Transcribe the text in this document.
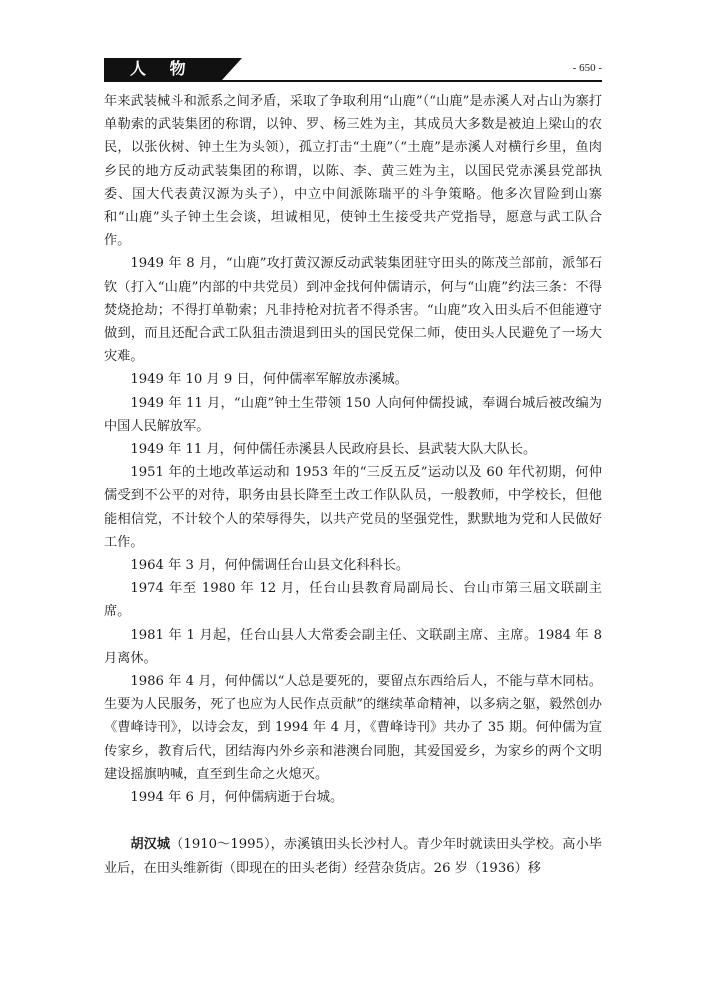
人 物	- 650 -

年来武装械斗和派系之间矛盾，采取了争取利用“山鹿”（“山鹿”是赤溪人对占山为寨打单勒索的武装集团的称谓，以钟、罗、杨三姓为主，其成员大多数是被迫上梁山的农民，以张伙树、钟土生为头领），孤立打击“土鹿”（“土鹿”是赤溪人对横行乡里，鱼肉乡民的地方反动武装集团的称谓，以陈、李、黄三姓为主，以国民党赤溪县党部执委、国大代表黄汉源为头子），中立中间派陈瑞平的斗争策略。他多次冒险到山寨和“山鹿”头子钟土生会谈，坦诚相见，使钟土生接受共产党指导，愿意与武工队合作。

1949 年 8 月，“山鹿”攻打黄汉源反动武装集团驻守田头的陈茂兰部前，派邹石钦（打入“山鹿”内部的中共党员）到冲金找何仲儒请示，何与“山鹿”约法三条：不得焚烧抢劫；不得打单勒索；凡非持枪对抗者不得杀害。“山鹿”攻入田头后不但能遵守做到，而且还配合武工队狙击溃退到田头的国民党保二师，使田头人民避免了一场大灾难。

1949 年 10 月 9 日，何仲儒率军解放赤溪城。

1949 年 11 月，“山鹿”钟土生带领 150 人向何仲儒投诚，奉调台城后被改编为中国人民解放军。

1949 年 11 月，何仲儒任赤溪县人民政府县长、县武装大队大队长。

1951 年的土地改革运动和 1953 年的“三反五反”运动以及 60 年代初期，何仲儒受到不公平的对待，职务由县长降至土改工作队队员，一般教师，中学校长，但他能相信党，不计较个人的荣辱得失，以共产党员的坚强党性，默默地为党和人民做好工作。

1964 年 3 月，何仲儒调任台山县文化科科长。

1974 年至 1980 年 12 月，任台山县教育局副局长、台山市第三届文联副主席。

1981 年 1 月起，任台山县人大常委会副主任、文联副主席、主席。1984 年 8 月离休。

1986 年 4 月，何仲儒以“人总是要死的，要留点东西给后人，不能与草木同枯。生要为人民服务，死了也应为人民作点贡献”的继续革命精神，以多病之躯，毅然创办《曹峰诗刊》，以诗会友，到 1994 年 4 月，《曹峰诗刊》共办了 35 期。何仲儒为宣传家乡，教育后代，团结海内外乡亲和港澳台同胞，其爱国爱乡，为家乡的两个文明建设摇旗呐喊，直至到生命之火熄灭。

1994 年 6 月，何仲儒病逝于台城。

胡汉城（1910～1995），赤溪镇田头长沙村人。青少年时就读田头学校。高小毕业后，在田头维新街（即现在的田头老街）经营杂货店。26 岁（1936）移
